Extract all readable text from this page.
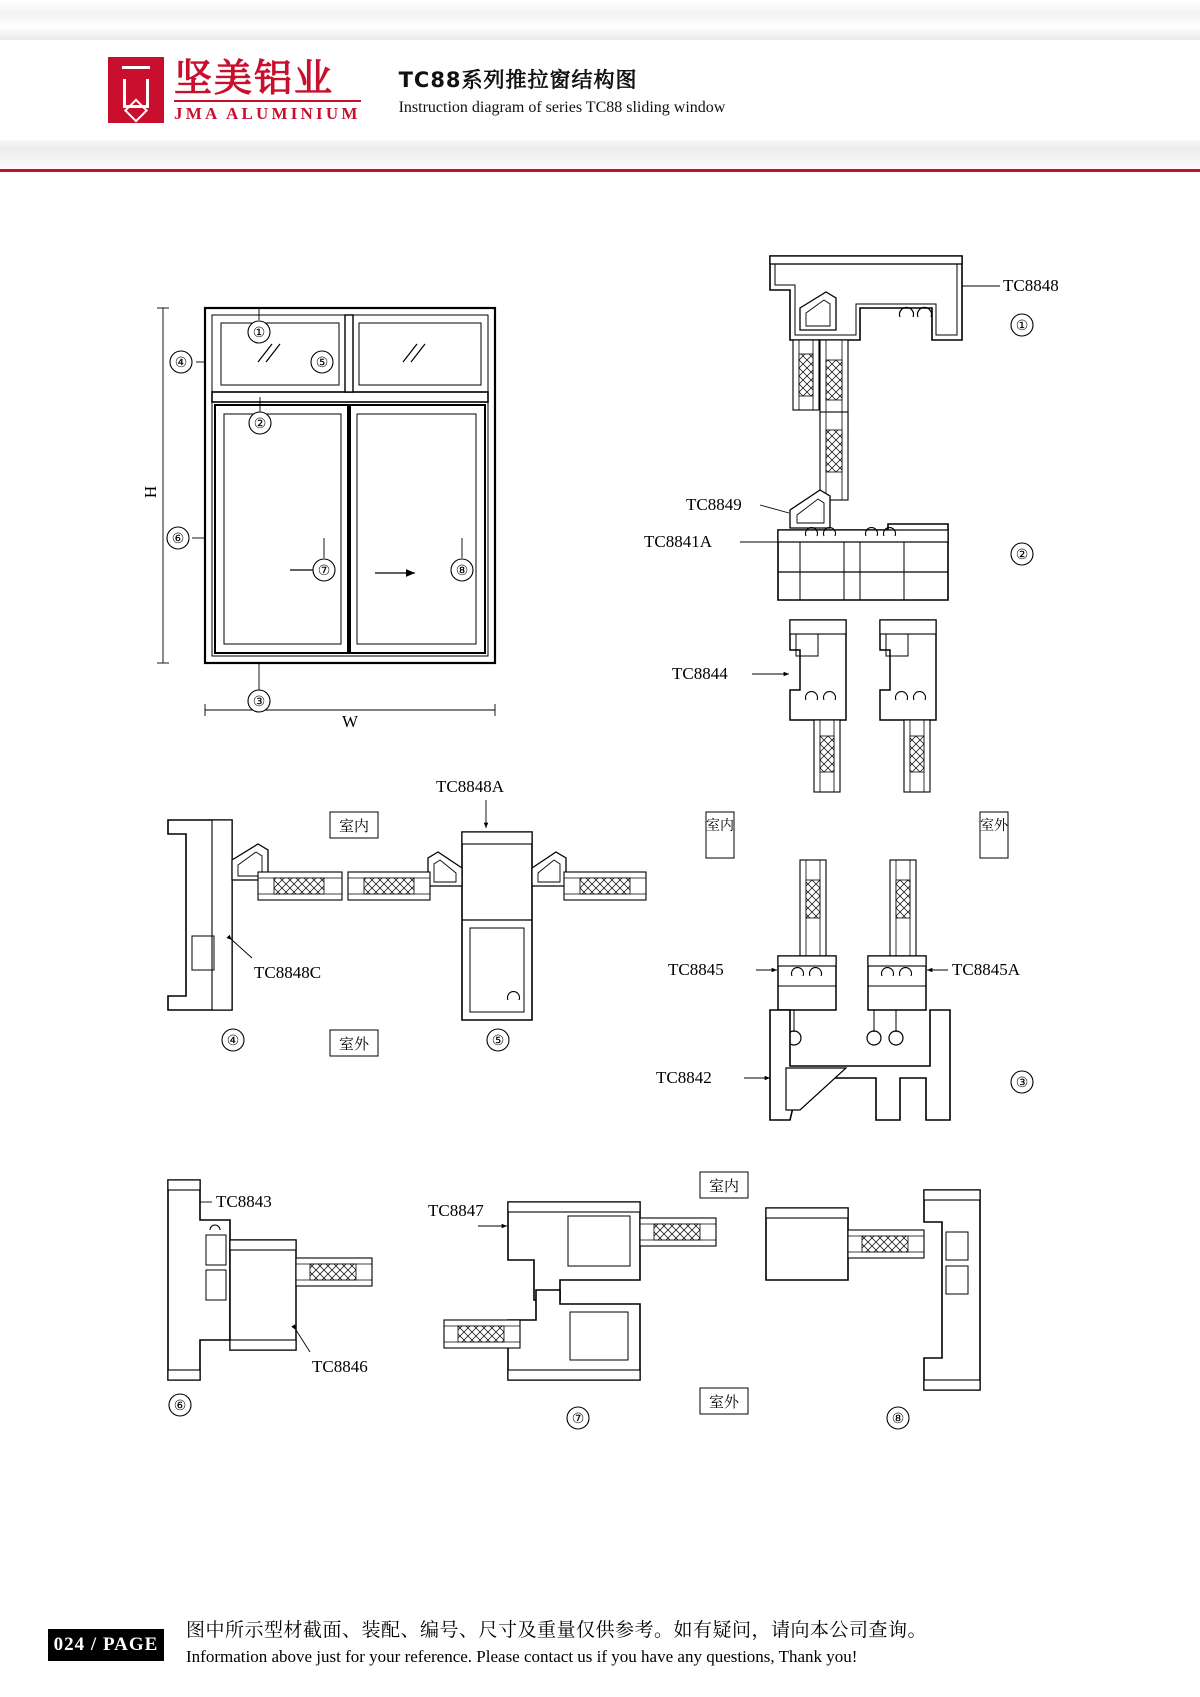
坚美铝业
JMA ALUMINIUM
TC88系列推拉窗结构图
Instruction diagram of series TC88 sliding window
H
W
①
②
③
④	⑤
⑥
⑦	⑧
TC8848
①
TC8849
TC8841A
TC8844
②
TC8848C
④
室内
室外
TC8848A
⑤
室内	室外
TC8845	TC8845A
TC8842	③
TC8843
TC8846
⑥
室内
TC8847
室外
⑦	⑧
024 / PAGE
图中所示型材截面、装配、编号、尺寸及重量仅供参考。如有疑问，请向本公司查询。
Information above just for your reference. Please contact us if you have any questions, Thank you!
